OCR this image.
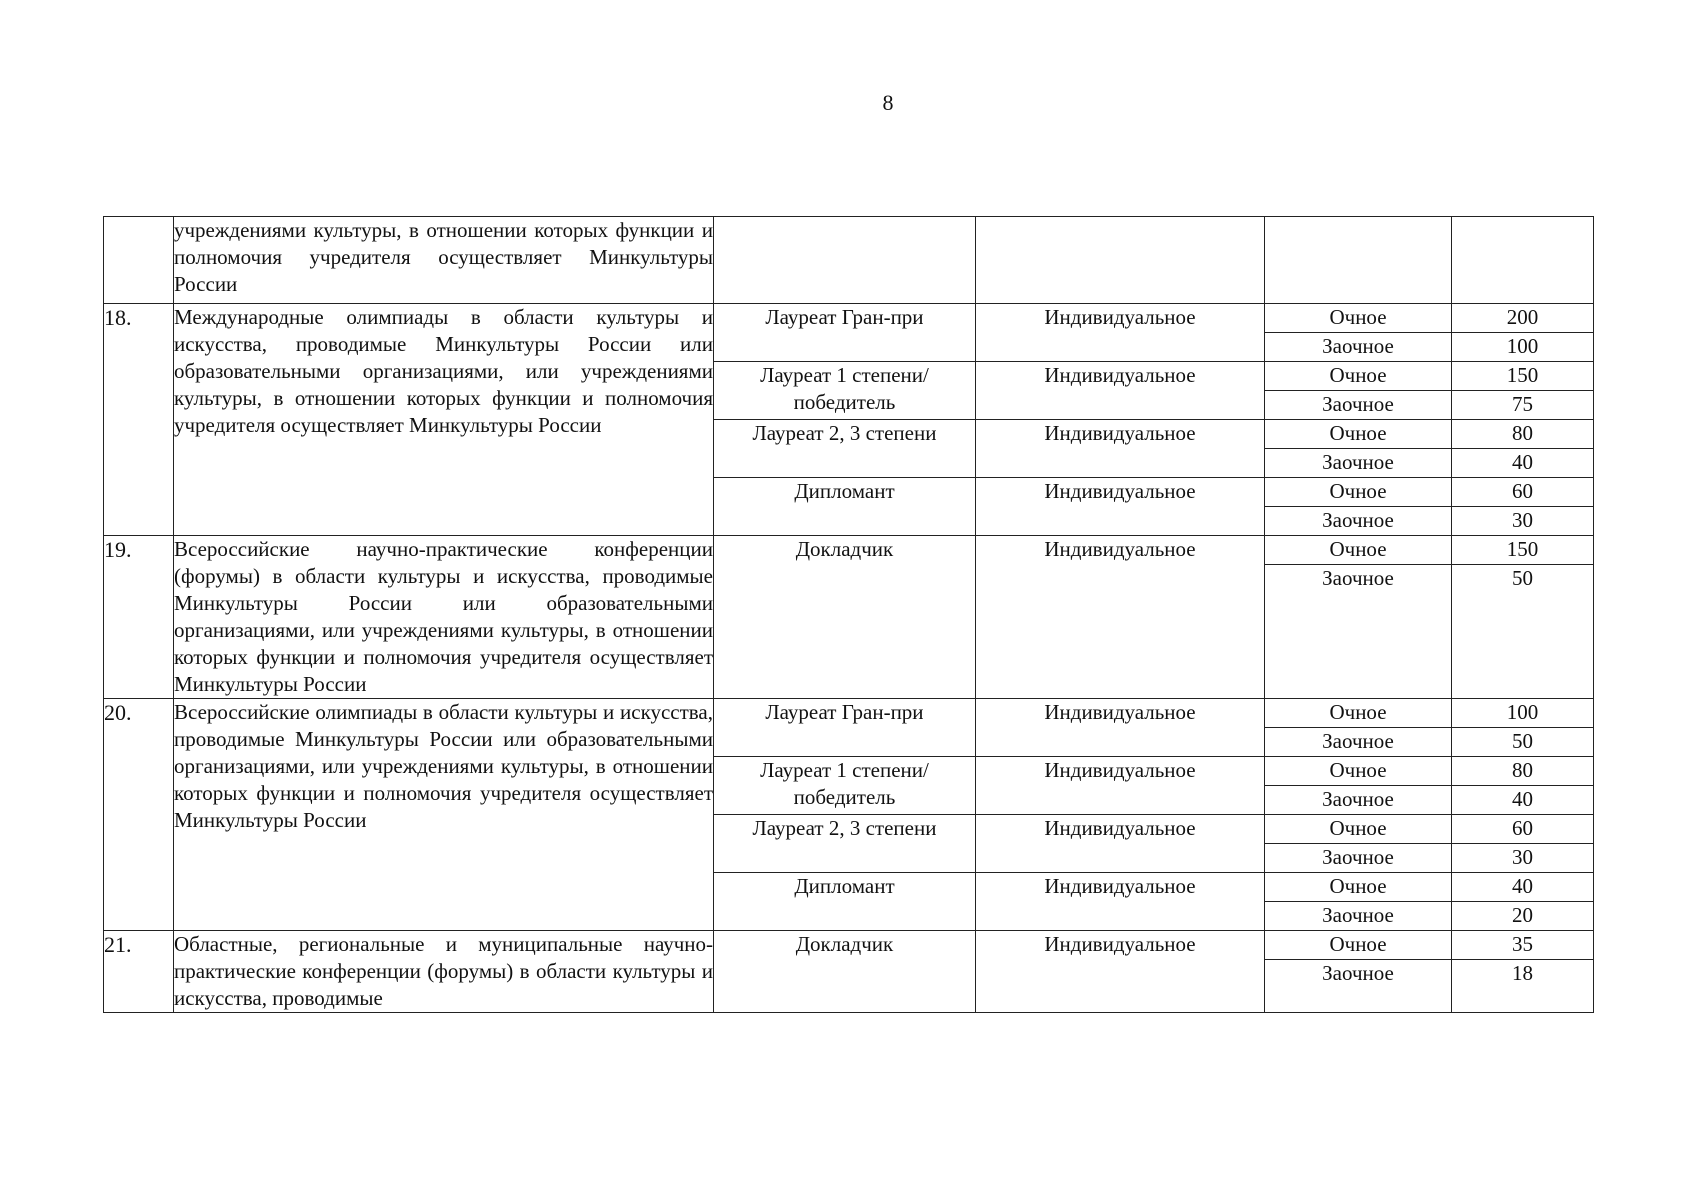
8

	учреждениями культуры, в отношении которых функции и полномочия учредителя осуществляет Минкультуры России				

18.	Международные олимпиады в области культуры и искусства, проводимые Минкультуры России или образовательными организациями, или учреждениями культуры, в отношении которых функции и полномочия учредителя осуществляет Минкультуры России	Лауреат Гран-при	Индивидуальное	Очное	200
				Заочное	100
		Лауреат 1 степени/ победитель	Индивидуальное	Очное	150
				Заочное	75
		Лауреат 2, 3 степени	Индивидуальное	Очное	80
				Заочное	40
		Дипломант	Индивидуальное	Очное	60
				Заочное	30
19.	Всероссийские научно-практические конференции (форумы) в области культуры и искусства, проводимые Минкультуры России или образовательными организациями, или учреждениями культуры, в отношении которых функции и полномочия учредителя осуществляет Минкультуры России	Докладчик	Индивидуальное	Очное	150
				Заочное	50
20.	Всероссийские олимпиады в области культуры и искусства, проводимые Минкультуры России или образовательными организациями, или учреждениями культуры, в отношении которых функции и полномочия учредителя осуществляет Минкультуры России	Лауреат Гран-при	Индивидуальное	Очное	100
				Заочное	50
		Лауреат 1 степени/ победитель	Индивидуальное	Очное	80
				Заочное	40
		Лауреат 2, 3 степени	Индивидуальное	Очное	60
				Заочное	30
		Дипломант	Индивидуальное	Очное	40
				Заочное	20
21.	Областные, региональные и муниципальные научно-практические конференции (форумы) в области культуры и искусства, проводимые	Докладчик	Индивидуальное	Очное	35
				Заочное	18
